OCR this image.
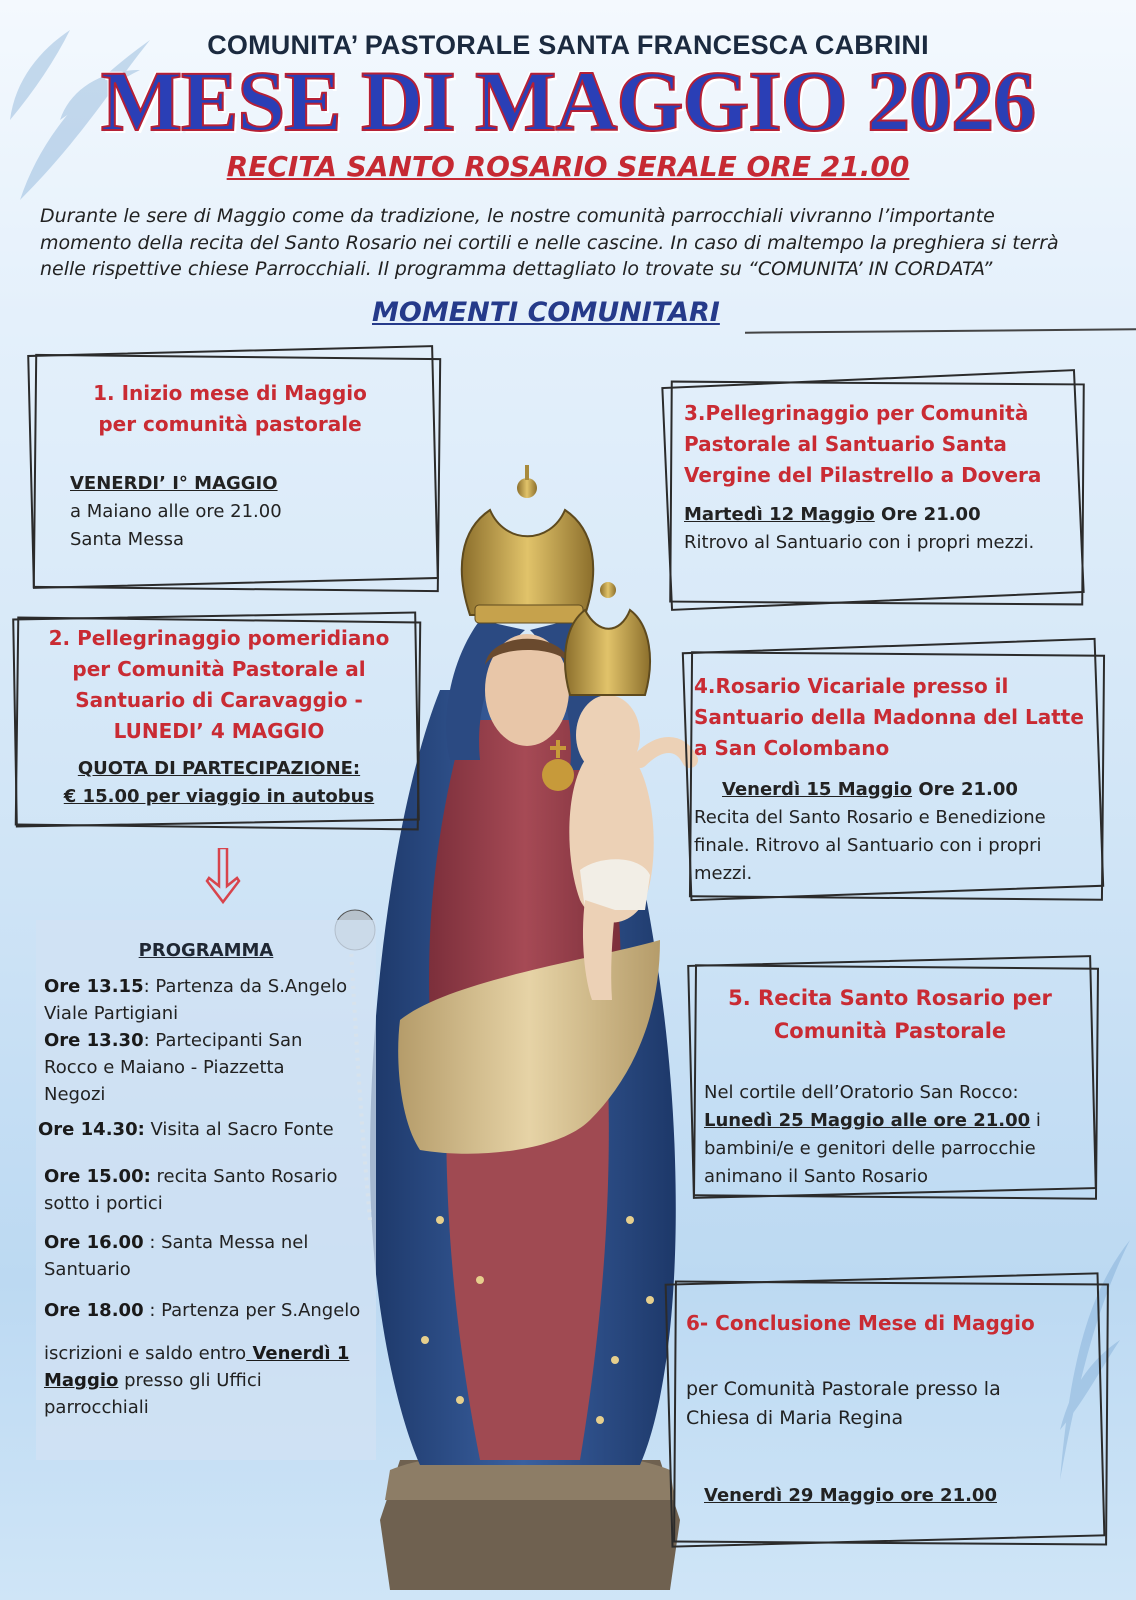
COMUNITA’ PASTORALE SANTA FRANCESCA CABRINI
MESE DI MAGGIO 2026
RECITA SANTO ROSARIO SERALE ORE 21.00

Durante le sere di Maggio come da tradizione, le nostre comunità parrocchiali vivranno l’importante

momento della recita del Santo Rosario nei cortili e nelle cascine. In caso di maltempo la preghiera si terrà

nelle rispettive chiese Parrocchiali. Il programma dettagliato lo trovate su “COMUNITA’ IN CORDATA”

MOMENTI COMUNITARI
1. Inizio mese di Maggio
per comunità pastorale
VENERDI’ I° MAGGIO
a Maiano alle ore 21.00
Santa Messa
2. Pellegrinaggio pomeridiano
per Comunità Pastorale al
Santuario di Caravaggio -
LUNEDI’ 4 MAGGIO
QUOTA DI PARTECIPAZIONE:
€ 15.00 per viaggio in autobus
PROGRAMMA
Ore 13.15: Partenza da S.Angelo
Viale Partigiani
Ore 13.30: Partecipanti San
Rocco e Maiano - Piazzetta
Negozi
Ore 14.30: Visita al Sacro Fonte
Ore 15.00: recita Santo Rosario
sotto i portici
Ore 16.00 : Santa Messa nel
Santuario
Ore 18.00 : Partenza per S.Angelo
iscrizioni e saldo entro Venerdì 1
Maggio presso gli Uffici
parrocchiali
3.Pellegrinaggio per Comunità
Pastorale al Santuario Santa
Vergine del Pilastrello a Dovera
Martedì 12 Maggio Ore 21.00
Ritrovo al Santuario con i propri mezzi.
4.Rosario Vicariale presso il
Santuario della Madonna del Latte
a San Colombano
Venerdì 15 Maggio Ore 21.00
Recita del Santo Rosario e Benedizione
finale. Ritrovo al Santuario con i propri
mezzi.
5. Recita Santo Rosario per
Comunità Pastorale
Nel cortile dell’Oratorio San Rocco:
Lunedì 25 Maggio alle ore 21.00 i
bambini/e e genitori delle parrocchie
animano il Santo Rosario
6- Conclusione Mese di Maggio
per Comunità Pastorale presso la
Chiesa di Maria Regina
Venerdì 29 Maggio ore 21.00
